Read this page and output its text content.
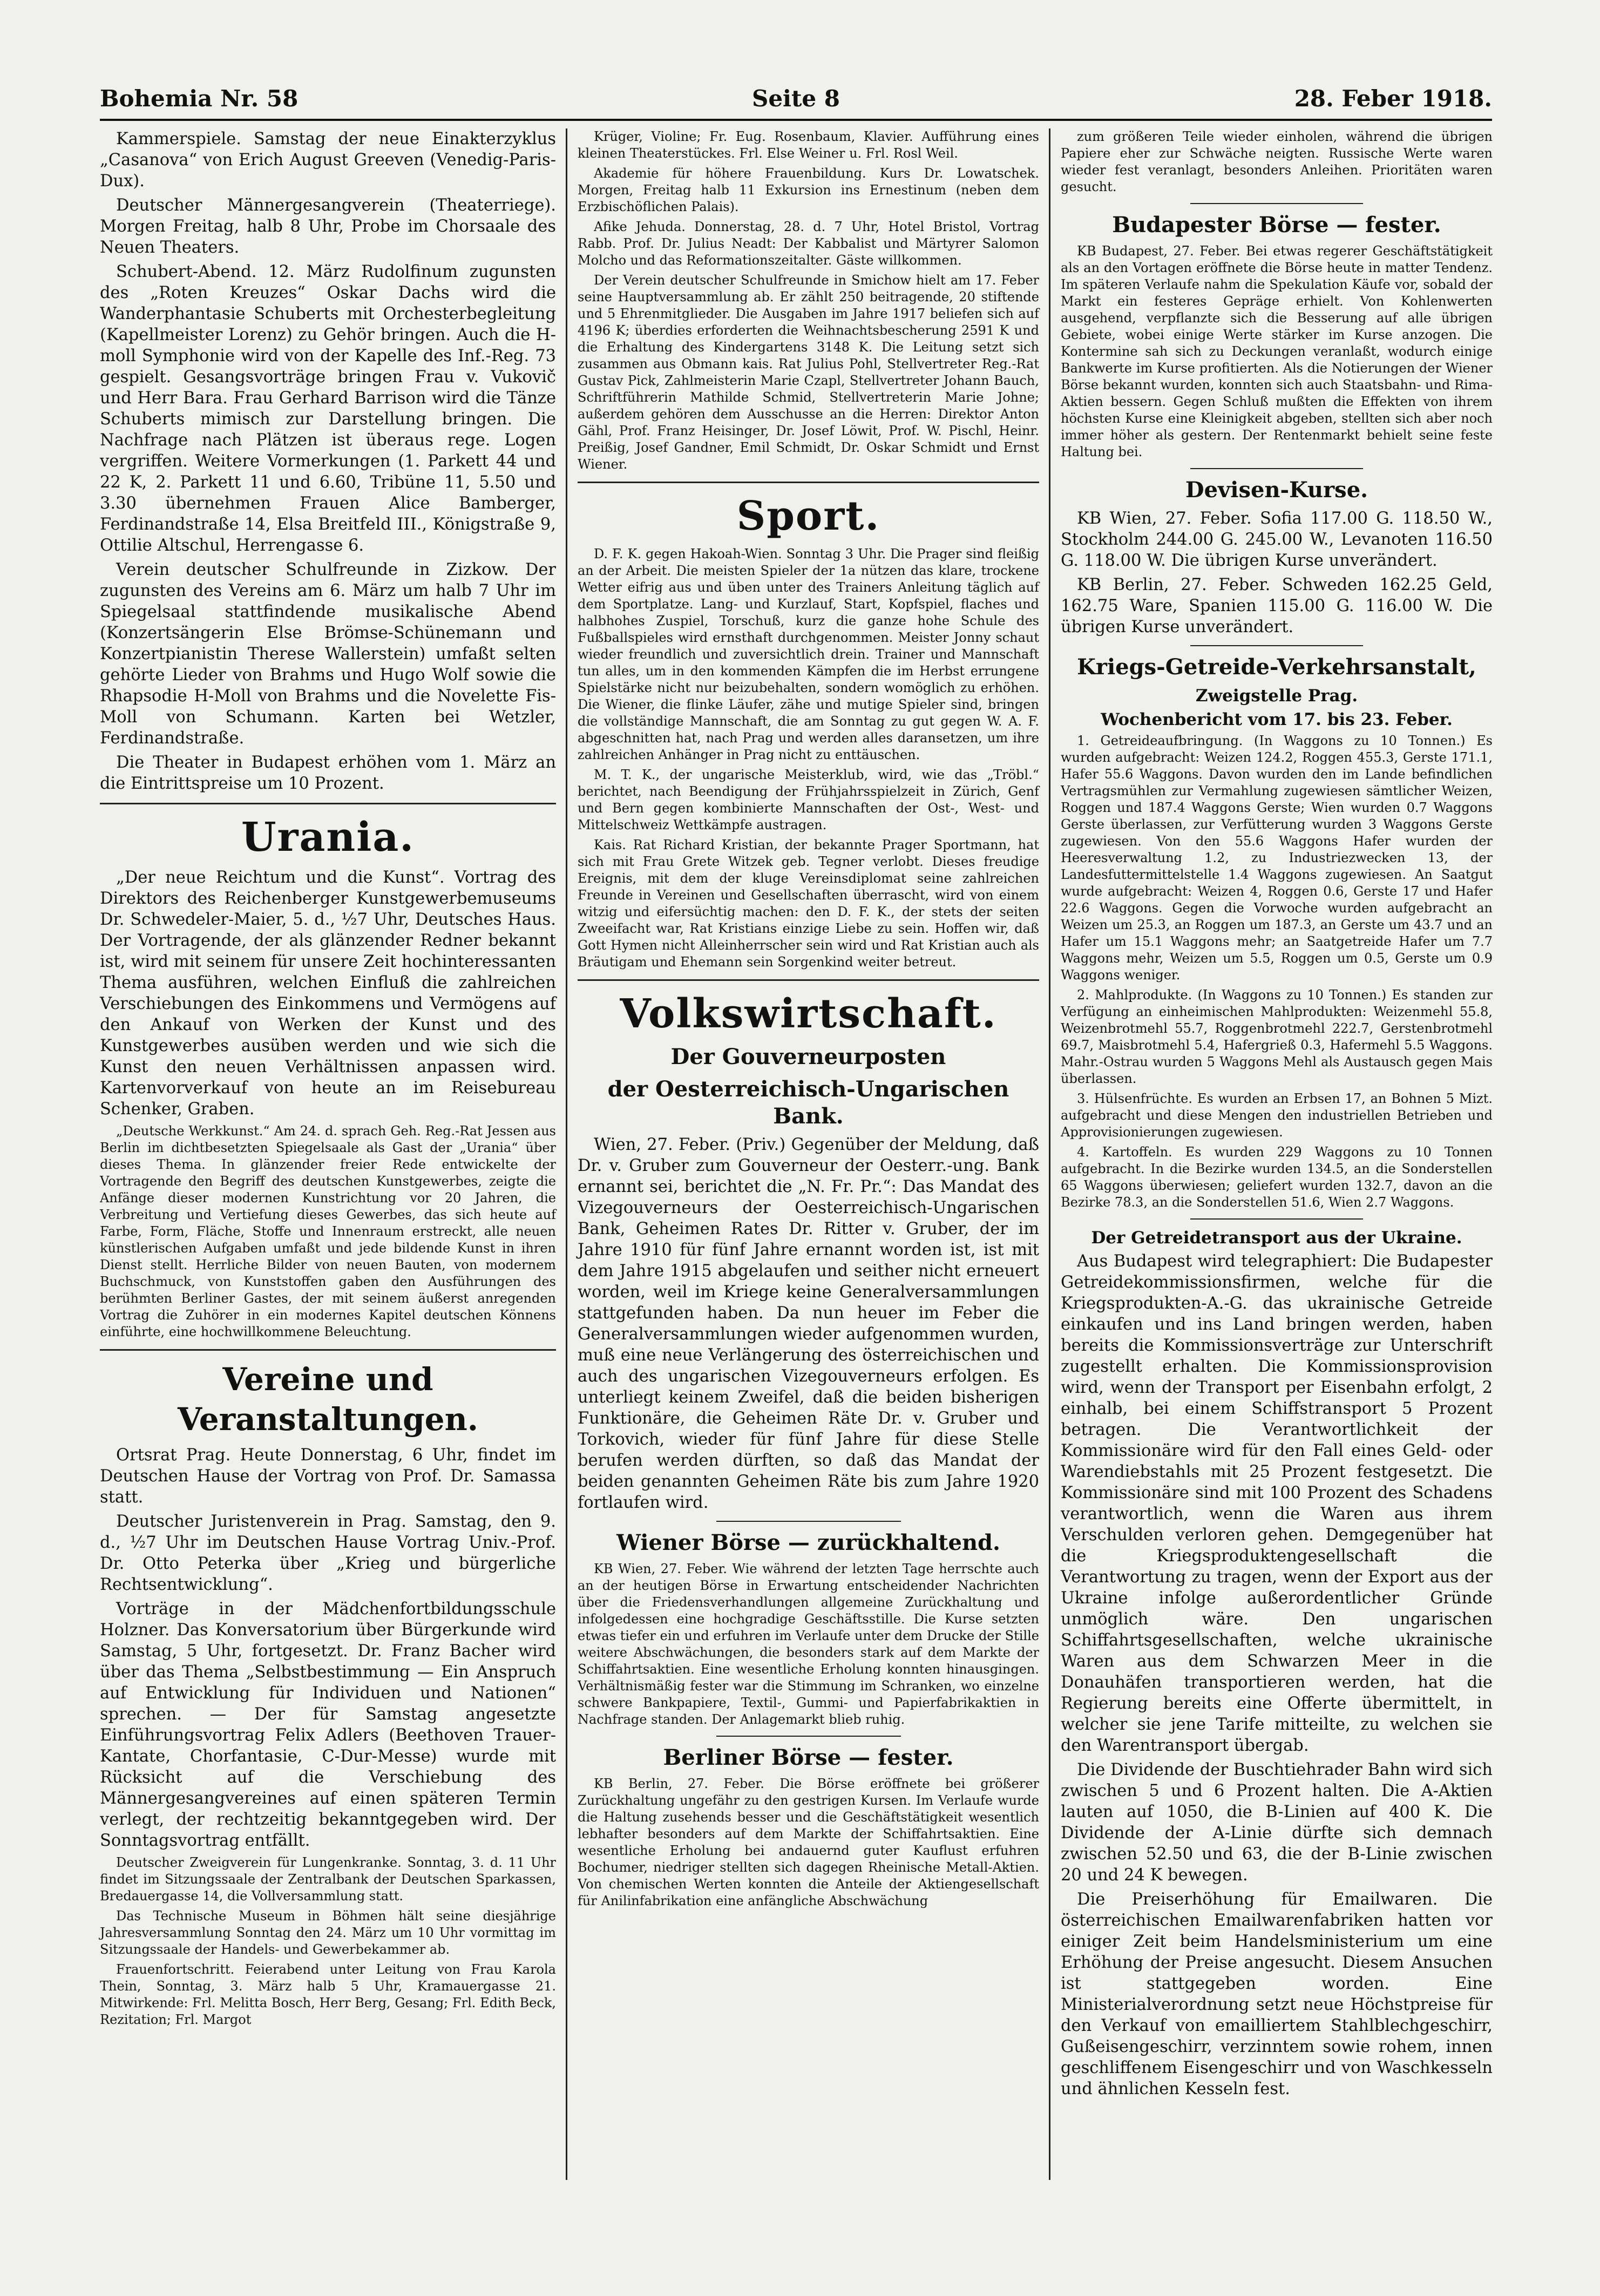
Bohemia Nr. 58	Seite 8	28. Feber 1918.

Kammerspiele. Samstag der neue Einakterzyklus „Casanova“ von Erich August Greeven (Venedig-Paris-Dux).

Deutscher Männergesangverein (Theaterriege). Morgen Freitag, halb 8 Uhr, Probe im Chorsaale des Neuen Theaters.

Schubert-Abend. 12. März Rudolfinum zugunsten des „Roten Kreuzes“ Oskar Dachs wird die Wanderphantasie Schuberts mit Orchesterbegleitung (Kapellmeister Lorenz) zu Gehör bringen. Auch die H-moll Symphonie wird von der Kapelle des Inf.-Reg. 73 gespielt. Gesangsvorträge bringen Frau v. Vukovič und Herr Bara. Frau Gerhard Barrison wird die Tänze Schuberts mimisch zur Darstellung bringen. Die Nachfrage nach Plätzen ist überaus rege. Logen vergriffen. Weitere Vormerkungen (1. Parkett 44 und 22 K, 2. Parkett 11 und 6.60, Tribüne 11, 5.50 und 3.30 übernehmen Frauen Alice Bamberger, Ferdinandstraße 14, Elsa Breitfeld III., Königstraße 9, Ottilie Altschul, Herrengasse 6.

Verein deutscher Schulfreunde in Zizkow. Der zugunsten des Vereins am 6. März um halb 7 Uhr im Spiegelsaal stattfindende musikalische Abend (Konzertsängerin Else Brömse-Schünemann und Konzertpianistin Therese Wallerstein) umfaßt selten gehörte Lieder von Brahms und Hugo Wolf sowie die Rhapsodie H-Moll von Brahms und die Novelette Fis-Moll von Schumann. Karten bei Wetzler, Ferdinandstraße.

Die Theater in Budapest erhöhen vom 1. März an die Eintrittspreise um 10 Prozent.

Urania.

„Der neue Reichtum und die Kunst“. Vortrag des Direktors des Reichenberger Kunstgewerbemuseums Dr. Schwedeler-Maier, 5. d., ½7 Uhr, Deutsches Haus. Der Vortragende, der als glänzender Redner bekannt ist, wird mit seinem für unsere Zeit hochinteressanten Thema ausführen, welchen Einfluß die zahlreichen Verschiebungen des Einkommens und Vermögens auf den Ankauf von Werken der Kunst und des Kunstgewerbes ausüben werden und wie sich die Kunst den neuen Verhältnissen anpassen wird. Kartenvorverkauf von heute an im Reisebureau Schenker, Graben.

„Deutsche Werkkunst.“ Am 24. d. sprach Geh. Reg.-Rat Jessen aus Berlin im dichtbesetzten Spiegelsaale als Gast der „Urania“ über dieses Thema. In glänzender freier Rede entwickelte der Vortragende den Begriff des deutschen Kunstgewerbes, zeigte die Anfänge dieser modernen Kunstrichtung vor 20 Jahren, die Verbreitung und Vertiefung dieses Gewerbes, das sich heute auf Farbe, Form, Fläche, Stoffe und Innenraum erstreckt, alle neuen künstlerischen Aufgaben umfaßt und jede bildende Kunst in ihren Dienst stellt. Herrliche Bilder von neuen Bauten, von modernem Buchschmuck, von Kunststoffen gaben den Ausführungen des berühmten Berliner Gastes, der mit seinem äußerst anregenden Vortrag die Zuhörer in ein modernes Kapitel deutschen Könnens einführte, eine hochwillkommene Beleuchtung.

Vereine und Veranstaltungen.

Ortsrat Prag. Heute Donnerstag, 6 Uhr, findet im Deutschen Hause der Vortrag von Prof. Dr. Samassa statt.

Deutscher Juristenverein in Prag. Samstag, den 9. d., ½7 Uhr im Deutschen Hause Vortrag Univ.-Prof. Dr. Otto Peterka über „Krieg und bürgerliche Rechtsentwicklung“.

Vorträge in der Mädchenfortbildungsschule Holzner. Das Konversatorium über Bürgerkunde wird Samstag, 5 Uhr, fortgesetzt. Dr. Franz Bacher wird über das Thema „Selbstbestimmung — Ein Anspruch auf Entwicklung für Individuen und Nationen“ sprechen. — Der für Samstag angesetzte Einführungsvortrag Felix Adlers (Beethoven Trauer-Kantate, Chorfantasie, C-Dur-Messe) wurde mit Rücksicht auf die Verschiebung des Männergesangvereines auf einen späteren Termin verlegt, der rechtzeitig bekanntgegeben wird. Der Sonntagsvortrag entfällt.

Deutscher Zweigverein für Lungenkranke. Sonntag, 3. d. 11 Uhr findet im Sitzungssaale der Zentralbank der Deutschen Sparkassen, Bredauergasse 14, die Vollversammlung statt.

Das Technische Museum in Böhmen hält seine diesjährige Jahresversammlung Sonntag den 24. März um 10 Uhr vormittag im Sitzungssaale der Handels- und Gewerbekammer ab.

Frauenfortschritt. Feierabend unter Leitung von Frau Karola Thein, Sonntag, 3. März halb 5 Uhr, Kramauergasse 21. Mitwirkende: Frl. Melitta Bosch, Herr Berg, Gesang; Frl. Edith Beck, Rezitation; Frl. Margot

Krüger, Violine; Fr. Eug. Rosenbaum, Klavier. Aufführung eines kleinen Theaterstückes. Frl. Else Weiner u. Frl. Rosl Weil.

Akademie für höhere Frauenbildung. Kurs Dr. Lowatschek. Morgen, Freitag halb 11 Exkursion ins Ernestinum (neben dem Erzbischöflichen Palais).

Afike Jehuda. Donnerstag, 28. d. 7 Uhr, Hotel Bristol, Vortrag Rabb. Prof. Dr. Julius Neadt: Der Kabbalist und Märtyrer Salomon Molcho und das Reformationszeitalter. Gäste willkommen.

Der Verein deutscher Schulfreunde in Smichow hielt am 17. Feber seine Hauptversammlung ab. Er zählt 250 beitragende, 20 stiftende und 5 Ehrenmitglieder. Die Ausgaben im Jahre 1917 beliefen sich auf 4196 K; überdies erforderten die Weihnachtsbescherung 2591 K und die Erhaltung des Kindergartens 3148 K. Die Leitung setzt sich zusammen aus Obmann kais. Rat Julius Pohl, Stellvertreter Reg.-Rat Gustav Pick, Zahlmeisterin Marie Czapl, Stellvertreter Johann Bauch, Schriftführerin Mathilde Schmid, Stellvertreterin Marie Johne; außerdem gehören dem Ausschusse an die Herren: Direktor Anton Gähl, Prof. Franz Heisinger, Dr. Josef Löwit, Prof. W. Pischl, Heinr. Preißig, Josef Gandner, Emil Schmidt, Dr. Oskar Schmidt und Ernst Wiener.

Sport.

D. F. K. gegen Hakoah-Wien. Sonntag 3 Uhr. Die Prager sind fleißig an der Arbeit. Die meisten Spieler der 1a nützen das klare, trockene Wetter eifrig aus und üben unter des Trainers Anleitung täglich auf dem Sportplatze. Lang- und Kurzlauf, Start, Kopfspiel, flaches und halbhohes Zuspiel, Torschuß, kurz die ganze hohe Schule des Fußballspieles wird ernsthaft durchgenommen. Meister Jonny schaut wieder freundlich und zuversichtlich drein. Trainer und Mannschaft tun alles, um in den kommenden Kämpfen die im Herbst errungene Spielstärke nicht nur beizubehalten, sondern womöglich zu erhöhen. Die Wiener, die flinke Läufer, zähe und mutige Spieler sind, bringen die vollständige Mannschaft, die am Sonntag zu gut gegen W. A. F. abgeschnitten hat, nach Prag und werden alles daransetzen, um ihre zahlreichen Anhänger in Prag nicht zu enttäuschen.

M. T. K., der ungarische Meisterklub, wird, wie das „Tröbl.“ berichtet, nach Beendigung der Frühjahrsspielzeit in Zürich, Genf und Bern gegen kombinierte Mannschaften der Ost-, West- und Mittelschweiz Wettkämpfe austragen.

Kais. Rat Richard Kristian, der bekannte Prager Sportmann, hat sich mit Frau Grete Witzek geb. Tegner verlobt. Dieses freudige Ereignis, mit dem der kluge Vereinsdiplomat seine zahlreichen Freunde in Vereinen und Gesellschaften überrascht, wird von einem witzig und eifersüchtig machen: den D. F. K., der stets der seiten Zweeifacht war, Rat Kristians einzige Liebe zu sein. Hoffen wir, daß Gott Hymen nicht Alleinherrscher sein wird und Rat Kristian auch als Bräutigam und Ehemann sein Sorgenkind weiter betreut.

Volkswirtschaft.
Der Gouverneurposten
der Oesterreichisch-Ungarischen Bank.

Wien, 27. Feber. (Priv.) Gegenüber der Meldung, daß Dr. v. Gruber zum Gouverneur der Oesterr.-ung. Bank ernannt sei, berichtet die „N. Fr. Pr.“: Das Mandat des Vizegouverneurs der Oesterreichisch-Ungarischen Bank, Geheimen Rates Dr. Ritter v. Gruber, der im Jahre 1910 für fünf Jahre ernannt worden ist, ist mit dem Jahre 1915 abgelaufen und seither nicht erneuert worden, weil im Kriege keine Generalversammlungen stattgefunden haben. Da nun heuer im Feber die Generalversammlungen wieder aufgenommen wurden, muß eine neue Verlängerung des österreichischen und auch des ungarischen Vizegouverneurs erfolgen. Es unterliegt keinem Zweifel, daß die beiden bisherigen Funktionäre, die Geheimen Räte Dr. v. Gruber und Torkovich, wieder für fünf Jahre für diese Stelle berufen werden dürften, so daß das Mandat der beiden genannten Geheimen Räte bis zum Jahre 1920 fortlaufen wird.

Wiener Börse — zurückhaltend.

KB Wien, 27. Feber. Wie während der letzten Tage herrschte auch an der heutigen Börse in Erwartung entscheidender Nachrichten über die Friedensverhandlungen allgemeine Zurückhaltung und infolgedessen eine hochgradige Geschäftsstille. Die Kurse setzten etwas tiefer ein und erfuhren im Verlaufe unter dem Drucke der Stille weitere Abschwächungen, die besonders stark auf dem Markte der Schiffahrtsaktien. Eine wesentliche Erholung konnten hinausgingen. Verhältnismäßig fester war die Stimmung im Schranken, wo einzelne schwere Bankpapiere, Textil-, Gummi- und Papierfabrikaktien in Nachfrage standen. Der Anlagemarkt blieb ruhig.

Berliner Börse — fester.

KB Berlin, 27. Feber. Die Börse eröffnete bei größerer Zurückhaltung ungefähr zu den gestrigen Kursen. Im Verlaufe wurde die Haltung zusehends besser und die Geschäftstätigkeit wesentlich lebhafter besonders auf dem Markte der Schiffahrtsaktien. Eine wesentliche Erholung bei andauernd guter Kauflust erfuhren Bochumer, niedriger stellten sich dagegen Rheinische Metall-Aktien. Von chemischen Werten konnten die Anteile der Aktiengesellschaft für Anilinfabrikation eine anfängliche Abschwächung

zum größeren Teile wieder einholen, während die übrigen Papiere eher zur Schwäche neigten. Russische Werte waren wieder fest veranlagt, besonders Anleihen. Prioritäten waren gesucht.

Budapester Börse — fester.

KB Budapest, 27. Feber. Bei etwas regerer Geschäftstätigkeit als an den Vortagen eröffnete die Börse heute in matter Tendenz. Im späteren Verlaufe nahm die Spekulation Käufe vor, sobald der Markt ein festeres Gepräge erhielt. Von Kohlenwerten ausgehend, verpflanzte sich die Besserung auf alle übrigen Gebiete, wobei einige Werte stärker im Kurse anzogen. Die Kontermine sah sich zu Deckungen veranlaßt, wodurch einige Bankwerte im Kurse profitierten. Als die Notierungen der Wiener Börse bekannt wurden, konnten sich auch Staatsbahn- und Rima-Aktien bessern. Gegen Schluß mußten die Effekten von ihrem höchsten Kurse eine Kleinigkeit abgeben, stellten sich aber noch immer höher als gestern. Der Rentenmarkt behielt seine feste Haltung bei.

Devisen-Kurse.

KB Wien, 27. Feber. Sofia 117.00 G. 118.50 W., Stockholm 244.00 G. 245.00 W., Levanoten 116.50 G. 118.00 W. Die übrigen Kurse unverändert.

KB Berlin, 27. Feber. Schweden 162.25 Geld, 162.75 Ware, Spanien 115.00 G. 116.00 W. Die übrigen Kurse unverändert.

Kriegs-Getreide-Verkehrsanstalt,
Zweigstelle Prag.
Wochenbericht vom 17. bis 23. Feber.

1. Getreideaufbringung. (In Waggons zu 10 Tonnen.) Es wurden aufgebracht: Weizen 124.2, Roggen 455.3, Gerste 171.1, Hafer 55.6 Waggons. Davon wurden den im Lande befindlichen Vertragsmühlen zur Vermahlung zugewiesen sämtlicher Weizen, Roggen und 187.4 Waggons Gerste; Wien wurden 0.7 Waggons Gerste überlassen, zur Verfütterung wurden 3 Waggons Gerste zugewiesen. Von den 55.6 Waggons Hafer wurden der Heeresverwaltung 1.2, zu Industriezwecken 13, der Landesfuttermittelstelle 1.4 Waggons zugewiesen. An Saatgut wurde aufgebracht: Weizen 4, Roggen 0.6, Gerste 17 und Hafer 22.6 Waggons. Gegen die Vorwoche wurden aufgebracht an Weizen um 25.3, an Roggen um 187.3, an Gerste um 43.7 und an Hafer um 15.1 Waggons mehr; an Saatgetreide Hafer um 7.7 Waggons mehr, Weizen um 5.5, Roggen um 0.5, Gerste um 0.9 Waggons weniger.

2. Mahlprodukte. (In Waggons zu 10 Tonnen.) Es standen zur Verfügung an einheimischen Mahlprodukten: Weizenmehl 55.8, Weizenbrotmehl 55.7, Roggenbrotmehl 222.7, Gerstenbrotmehl 69.7, Maisbrotmehl 5.4, Hafergrieß 0.3, Hafermehl 5.5 Waggons. Mahr.-Ostrau wurden 5 Waggons Mehl als Austausch gegen Mais überlassen.

3. Hülsenfrüchte. Es wurden an Erbsen 17, an Bohnen 5 Mizt. aufgebracht und diese Mengen den industriellen Betrieben und Approvisionierungen zugewiesen.

4. Kartoffeln. Es wurden 229 Waggons zu 10 Tonnen aufgebracht. In die Bezirke wurden 134.5, an die Sonderstellen 65 Waggons überwiesen; geliefert wurden 132.7, davon an die Bezirke 78.3, an die Sonderstellen 51.6, Wien 2.7 Waggons.

Der Getreidetransport aus der Ukraine.

Aus Budapest wird telegraphiert: Die Budapester Getreidekommissionsfirmen, welche für die Kriegsprodukten-A.-G. das ukrainische Getreide einkaufen und ins Land bringen werden, haben bereits die Kommissionsverträge zur Unterschrift zugestellt erhalten. Die Kommissionsprovision wird, wenn der Transport per Eisenbahn erfolgt, 2 einhalb, bei einem Schiffstransport 5 Prozent betragen. Die Verantwortlichkeit der Kommissionäre wird für den Fall eines Geld- oder Warendiebstahls mit 25 Prozent festgesetzt. Die Kommissionäre sind mit 100 Prozent des Schadens verantwortlich, wenn die Waren aus ihrem Verschulden verloren gehen. Demgegenüber hat die Kriegsproduktengesellschaft die Verantwortung zu tragen, wenn der Export aus der Ukraine infolge außerordentlicher Gründe unmöglich wäre. Den ungarischen Schiffahrtsgesellschaften, welche ukrainische Waren aus dem Schwarzen Meer in die Donauhäfen transportieren werden, hat die Regierung bereits eine Offerte übermittelt, in welcher sie jene Tarife mitteilte, zu welchen sie den Warentransport übergab.

Die Dividende der Buschtiehrader Bahn wird sich zwischen 5 und 6 Prozent halten. Die A-Aktien lauten auf 1050, die B-Linien auf 400 K. Die Dividende der A-Linie dürfte sich demnach zwischen 52.50 und 63, die der B-Linie zwischen 20 und 24 K bewegen.

Die Preiserhöhung für Emailwaren. Die österreichischen Emailwarenfabriken hatten vor einiger Zeit beim Handelsministerium um eine Erhöhung der Preise angesucht. Diesem Ansuchen ist stattgegeben worden. Eine Ministerialverordnung setzt neue Höchstpreise für den Verkauf von emailliertem Stahlblechgeschirr, Gußeisengeschirr, verzinntem sowie rohem, innen geschliffenem Eisengeschirr und von Waschkesseln und ähnlichen Kesseln fest.
